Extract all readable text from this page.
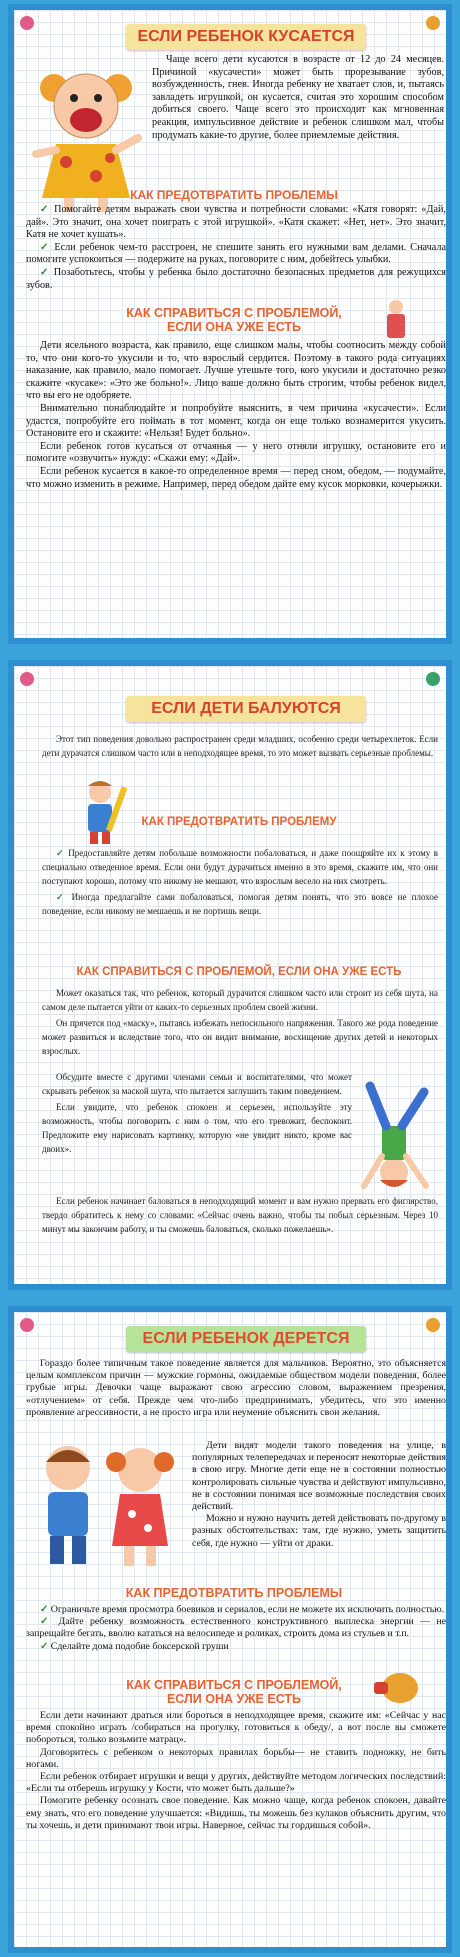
ЕСЛИ РЕБЕНОК КУСАЕТСЯ

Чаще всего дети кусаются в возрасте от 12 до 24 месяцев. Причиной «кусачести» может быть прорезывание зубов, возбужденность, гнев. Иногда ребенку не хватает слов, и, пытаясь завладеть игрушкой, он кусается, считая это хорошим способом добиться своего. Чаще всего это происходит как мгновенная реакция, импульсивное действие и ребенок слишком мал, чтобы продумать какие-то другие, более приемлемые действия.

КАК ПРЕДОТВРАТИТЬ ПРОБЛЕМЫ

✓ Помогайте детям выражать свои чувства и потребности словами: «Катя говорят: «Дай, дай». Это значит, она хочет поиграть с этой игрушкой». «Катя скажет: «Нет, нет». Это значит, Катя не хочет кушать».

✓ Если ребенок чем-то расстроен, не спешите занять его нужными вам делами. Сначала помогите успокоиться — подержите на руках, поговорите с ним, добейтесь улыбки.

✓ Позаботьтесь, чтобы у ребенка было достаточно безопасных предметов для режущихся зубов.

КАК СПРАВИТЬСЯ С ПРОБЛЕМОЙ,
ЕСЛИ ОНА УЖЕ ЕСТЬ

Дети ясельного возраста, как правило, еще слишком малы, чтобы соотносить между собой то, что они кого-то укусили и то, что взрослый сердится. Поэтому в такого рода ситуациях наказание, как правило, мало помогает. Лучше утешьте того, кого укусили и достаточно резко скажите «кусаке»: «Это же больно!». Лицо ваше должно быть строгим, чтобы ребенок видел, что вы его не одобряете.

Внимательно понаблюдайте и попробуйте выяснить, в чем причина «кусачести». Если удастся, попробуйте его поймать в тот момент, когда он еще только вознамерится укусить. Остановите его и скажите: «Нельзя! Будет больно».

Если ребенок готов кусаться от отчаянья — у него отняли игрушку, остановите его и помогите «озвучить» нужду: «Скажи ему: «Дай».

Если ребенок кусается в какое-то определенное время — перед сном, обедом, — подумайте, что можно изменить в режиме. Например, перед обедом дайте ему кусок морковки, кочерыжки.

ЕСЛИ ДЕТИ БАЛУЮТСЯ

Этот тип поведения довольно распространен среди младших, особенно среди четырехлеток. Если дети дурачатся слишком часто или в неподходящее время, то это может вызвать серьезные проблемы.

КАК ПРЕДОТВРАТИТЬ ПРОБЛЕМУ

✓ Предоставляйте детям побольше возможности побаловаться, и даже поощряйте их к этому в специально отведенное время. Если они будут дурачиться именно в это время, скажите им, что они поступают хорошо, потому что никому не мешают, что взрослым весело на них смотреть.

✓ Иногда предлагайте сами побаловаться, помогая детям понять, что это вовсе не плохое поведение, если никому не мешаешь и не портишь вещи.

КАК СПРАВИТЬСЯ С ПРОБЛЕМОЙ, ЕСЛИ ОНА УЖЕ ЕСТЬ

Может оказаться так, что ребенок, который дурачится слишком часто или строит из себя шута, на самом деле пытается уйти от каких-то серьезных проблем своей жизни.

Он прячется под «маску», пытаясь избежать непосильного напряжения. Такого же рода поведение может развиться и вследствие того, что он видит внимание, восхищение других детей и некоторых взрослых.

Обсудите вместе с другими членами семьи и воспитателями, что может скрывать ребенок за маской шута, что пытается заглушить таким поведением.

Если увидите, что ребенок спокоен и серьезен, используйте эту возможность, чтобы поговорить с ним о том, что его тревожит, беспокоит. Предложите ему нарисовать картинку, которую «не увидит никто, кроме вас двоих».

Если ребенок начинает баловаться в неподходящий момент и вам нужно прервать его фиглярство, твердо обратитесь к нему со словами: «Сейчас очень важно, чтобы ты побыл серьезным. Через 10 минут мы закончим работу, и ты сможешь баловаться, сколько пожелаешь».

ЕСЛИ РЕБЕНОК ДЕРЕТСЯ

Гораздо более типичным такое поведение является для мальчиков. Вероятно, это объясняется целым комплексом причин — мужские гормоны, ожидаемые обществом модели поведения, более грубые игры. Девочки чаще выражают свою агрессию словом, выражением презрения, «отлучением» от себя. Прежде чем что-либо предпринимать, убедитесь, что это именно проявление агрессивности, а не просто игра или неумение объяснить свои желания.

Дети видят модели такого поведения на улице, в популярных телепередачах и переносят некоторые действия в свою игру. Многие дети еще не в состоянии полностью контролировать сильные чувства и действуют импульсивно, не в состоянии понимая все возможные последствия своих действий.

Можно и нужно научить детей действовать по-другому в разных обстоятельствах: там, где нужно, уметь защитить себя, где нужно — уйти от драки.

КАК ПРЕДОТВРАТИТЬ ПРОБЛЕМЫ

✓ Ограничьте время просмотра боевиков и сериалов, если не можете их исключить полностью.

✓ Дайте ребенку возможность естественного конструктивного выплеска энергии — не запрещайте бегать, вволю кататься на велосипеде и роликах, строить дома из стульев и т.п.

✓ Сделайте дома подобие боксерской груши

КАК СПРАВИТЬСЯ С ПРОБЛЕМОЙ,
ЕСЛИ ОНА УЖЕ ЕСТЬ

Если дети начинают драться или бороться в неподходящее время, скажите им: «Сейчас у нас время спокойно играть /собираться на прогулку, готовиться к обеду/, а вот после вы сможете побороться, только возьмите матрац».

Договоритесь с ребенком о некоторых правилах борьбы— не ставить подножку, не бить ногами.

Если ребенок отбирает игрушки и вещи у других, действуйте методом логических последствий: «Если ты отберешь игрушку у Кости, что может быть дальше?»

Помогите ребенку осознать свое поведение. Как можно чаще, когда ребенок спокоен, давайте ему знать, что его поведение улучшается: «Видишь, ты можешь без кулаков объяснить другим, что ты хочешь, и дети принимают твои игры. Наверное, сейчас ты гордишься собой».
